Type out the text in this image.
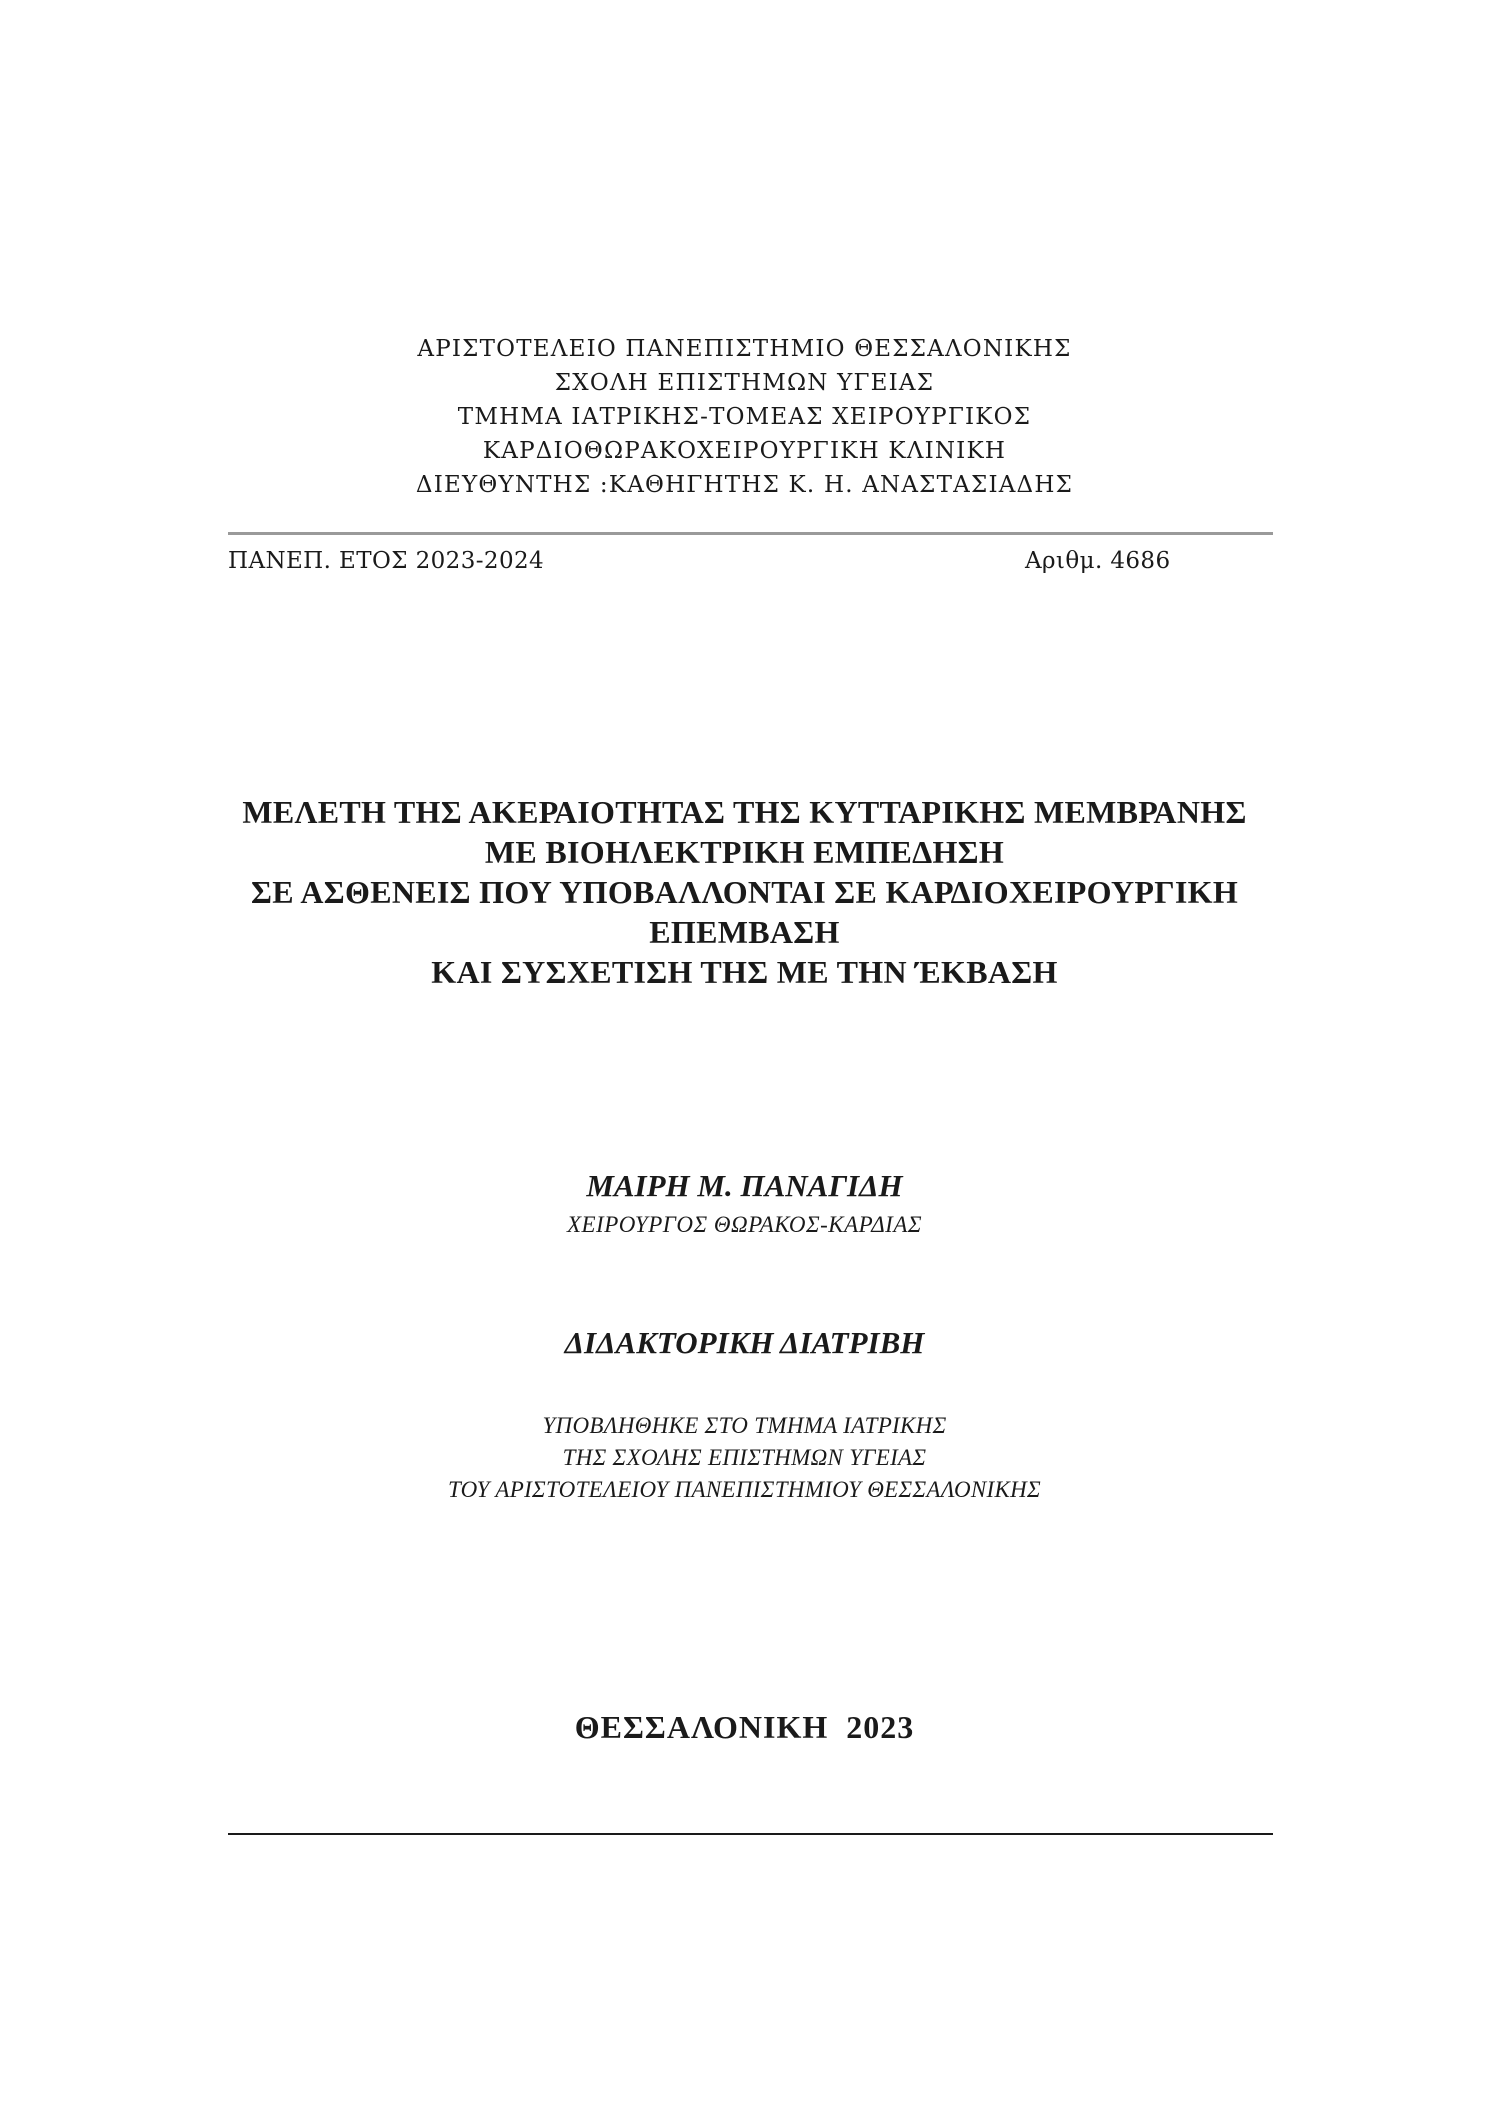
ΑΡΙΣΤΟΤΕΛΕΙΟ ΠΑΝΕΠΙΣΤΗΜΙΟ ΘΕΣΣΑΛΟΝΙΚΗΣ
ΣΧΟΛΗ ΕΠΙΣΤΗΜΩΝ ΥΓΕΙΑΣ
ΤΜΗΜΑ ΙΑΤΡΙΚΗΣ-ΤΟΜΕΑΣ ΧΕΙΡΟΥΡΓΙΚΟΣ
ΚΑΡΔΙΟΘΩΡΑΚΟΧΕΙΡΟΥΡΓΙΚΗ ΚΛΙΝΙΚΗ
ΔΙΕΥΘΥΝΤΗΣ :ΚΑΘΗΓΗΤΗΣ Κ. Η. ΑΝΑΣΤΑΣΙΑΔΗΣ
ΠΑΝΕΠ. ΕΤΟΣ 2023-2024	Αριθμ. 4686
ΜΕΛΕΤΗ ΤΗΣ ΑΚΕΡΑΙΟΤΗΤΑΣ ΤΗΣ ΚΥΤΤΑΡΙΚΗΣ ΜΕΜΒΡΑΝΗΣ
ΜΕ ΒΙΟΗΛΕΚΤΡΙΚΗ ΕΜΠΕΔΗΣΗ
ΣΕ ΑΣΘΕΝΕΙΣ ΠΟΥ ΥΠΟΒΑΛΛΟΝΤΑΙ ΣΕ ΚΑΡΔΙΟΧΕΙΡΟΥΡΓΙΚΗ
ΕΠΕΜΒΑΣΗ
ΚΑΙ ΣΥΣΧΕΤΙΣΗ ΤΗΣ ΜΕ ΤΗΝ ΈΚΒΑΣΗ
ΜΑΙΡΗ Μ. ΠΑΝΑΓΙΔΗ
ΧΕΙΡΟΥΡΓΟΣ ΘΩΡΑΚΟΣ-ΚΑΡΔΙΑΣ
ΔΙΔΑΚΤΟΡΙΚΗ ΔΙΑΤΡΙΒΗ
ΥΠΟΒΛΗΘΗΚΕ ΣΤΟ ΤΜΗΜΑ ΙΑΤΡΙΚΗΣ
ΤΗΣ ΣΧΟΛΗΣ ΕΠΙΣΤΗΜΩΝ ΥΓΕΙΑΣ
ΤΟΥ ΑΡΙΣΤΟΤΕΛΕΙΟΥ ΠΑΝΕΠΙΣΤΗΜΙΟΥ ΘΕΣΣΑΛΟΝΙΚΗΣ
ΘΕΣΣΑΛΟΝΙΚΗ  2023
